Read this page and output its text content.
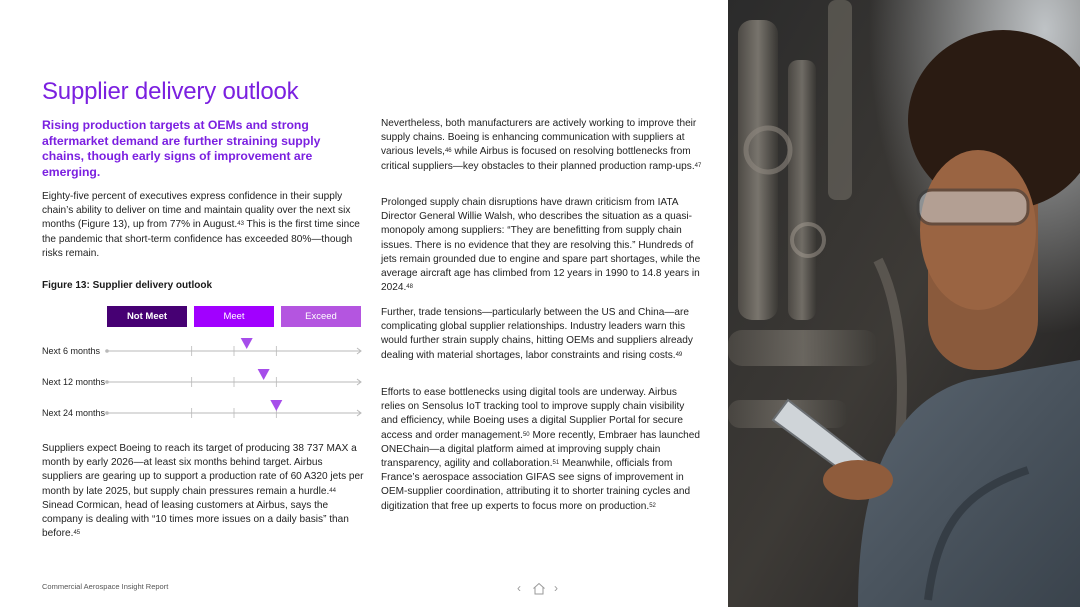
Supplier delivery outlook
Rising production targets at OEMs and strong aftermarket demand are further straining supply chains, though early signs of improvement are emerging.
Eighty-five percent of executives express confidence in their supply chain’s ability to deliver on time and maintain quality over the next six months (Figure 13), up from 77% in August.$^{43}$ This is the first time since the pandemic that short-term confidence has exceeded 80%—though risks remain.
Figure 13: Supplier delivery outlook
Not Meet	Meet	Exceed
Next 6 months
Next 12 months
Next 24 months
Suppliers expect Boeing to reach its target of producing 38 737 MAX a month by early 2026—at least six months behind target. Airbus suppliers are gearing up to support a production rate of 60 A320 jets per month by late 2025, but supply chain pressures remain a hurdle.$^{44}$ Sinead Cormican, head of leasing customers at Airbus, says the company is dealing with “10 times more issues on a daily basis” than before.$^{45}$
Nevertheless, both manufacturers are actively working to improve their supply chains. Boeing is enhancing communication with suppliers at various levels,$^{46}$ while Airbus is focused on resolving bottlenecks from critical suppliers—key obstacles to their planned production ramp-ups.$^{47}$
Prolonged supply chain disruptions have drawn criticism from IATA Director General Willie Walsh, who describes the situation as a quasi-monopoly among suppliers: “They are benefitting from supply chain issues. There is no evidence that they are resolving this.” Hundreds of jets remain grounded due to engine and spare part shortages, while the average aircraft age has climbed from 12 years in 1990 to 14.8 years in 2024.48
Further, trade tensions—particularly between the US and China—are complicating global supplier relationships. Industry leaders warn this would further strain supply chains, hitting OEMs and suppliers already dealing with material shortages, labor constraints and rising costs.$^{49}$
Efforts to ease bottlenecks using digital tools are underway. Airbus relies on Sensolus IoT tracking tool to improve supply chain visibility and efficiency, while Boeing uses a digital Supplier Portal for secure access and order management.$^{50}$ More recently, Embraer has launched ONEChain—a digital platform aimed at improving supply chain transparency, agility and collaboration.$^{51}$ Meanwhile, officials from France’s aerospace association GIFAS see signs of improvement in OEM-supplier coordination, attributing it to shorter training cycles and digitization that free up experts to focus more on production.$^{52}$
Commercial Aerospace Insight Report	‹	›
